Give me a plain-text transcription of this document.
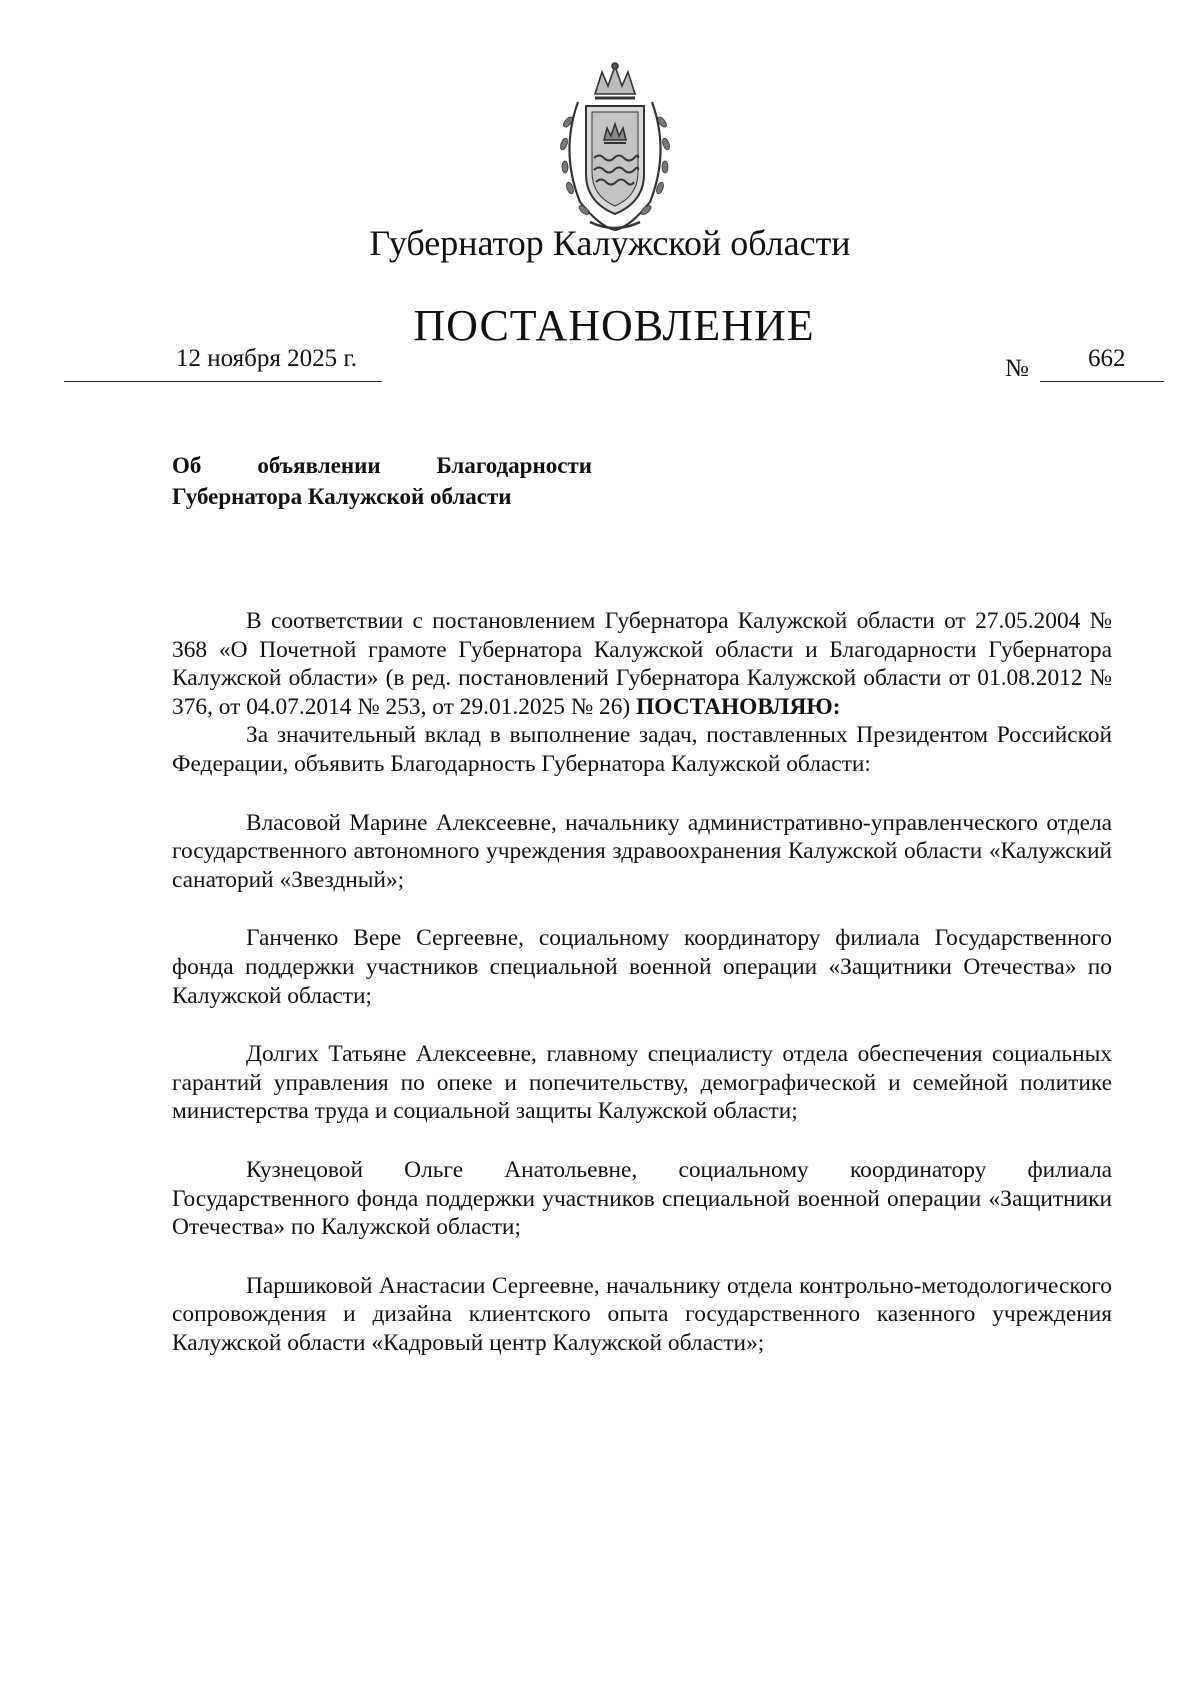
Губернатор Калужской области
ПОСТАНОВЛЕНИЕ
12 ноября 2025 г.	№ 662
Об объявлении Благодарности
Губернатора Калужской области

В соответствии с постановлением Губернатора Калужской области от 27.05.2004 № 368 «О Почетной грамоте Губернатора Калужской области и Благодарности Губернатора Калужской области» (в ред. постановлений Губернатора Калужской области от 01.08.2012 № 376, от 04.07.2014 № 253, от 29.01.2025 № 26) ПОСТАНОВЛЯЮ:

За значительный вклад в выполнение задач, поставленных Президентом Российской Федерации, объявить Благодарность Губернатора Калужской области:

Власовой Марине Алексеевне, начальнику административно-управленческого отдела государственного автономного учреждения здравоохранения Калужской области «Калужский санаторий «Звездный»;

Ганченко Вере Сергеевне, социальному координатору филиала Государственного фонда поддержки участников специальной военной операции «Защитники Отечества» по Калужской области;

Долгих Татьяне Алексеевне, главному специалисту отдела обеспечения социальных гарантий управления по опеке и попечительству, демографической и семейной политике министерства труда и социальной защиты Калужской области;

Кузнецовой Ольге Анатольевне, социальному координатору филиала Государственного фонда поддержки участников специальной военной операции «Защитники Отечества» по Калужской области;

Паршиковой Анастасии Сергеевне, начальнику отдела контрольно-методологического сопровождения и дизайна клиентского опыта государственного казенного учреждения Калужской области «Кадровый центр Калужской области»;
